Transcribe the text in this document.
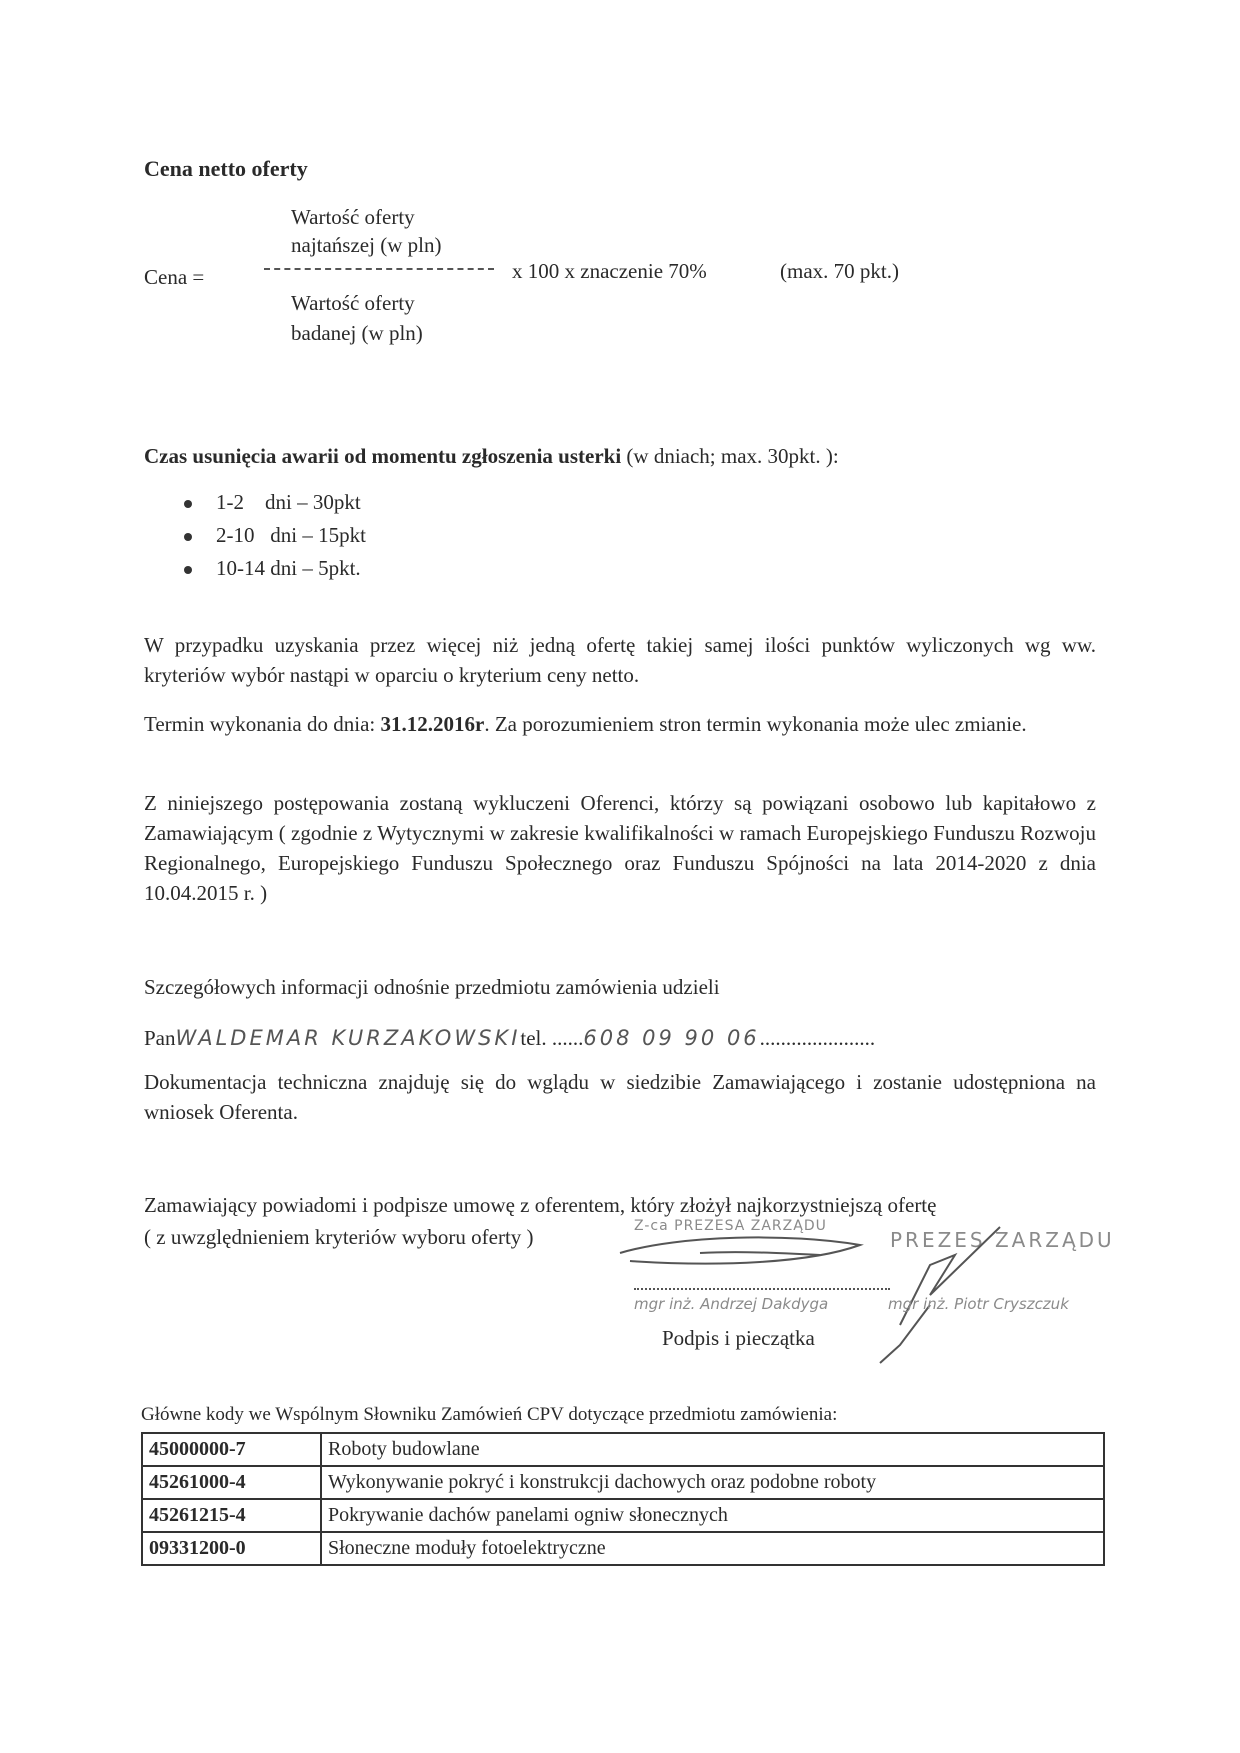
Cena netto oferty
Wartość oferty
najtańszej (w pln)
Cena =	x 100 x znaczenie 70%	(max. 70 pkt.)
Wartość oferty
badanej (w pln)
Czas usunięcia awarii od momentu zgłoszenia usterki (w dniach; max. 30pkt. ):
1-2    dni – 30pkt
2-10   dni – 15pkt
10-14 dni – 5pkt.
W przypadku uzyskania przez więcej niż jedną ofertę takiej samej ilości punktów wyliczonych wg ww. kryteriów wybór nastąpi w oparciu o kryterium ceny netto.
Termin wykonania do dnia: 31.12.2016r. Za porozumieniem stron termin wykonania może ulec zmianie.
Z niniejszego postępowania zostaną wykluczeni Oferenci, którzy są powiązani osobowo lub kapitałowo z Zamawiającym ( zgodnie z Wytycznymi w zakresie kwalifikalności w ramach Europejskiego Funduszu Rozwoju Regionalnego, Europejskiego Funduszu Społecznego oraz Funduszu Spójności na lata 2014-2020 z dnia 10.04.2015 r. )
Szczegółowych informacji odnośnie przedmiotu zamówienia udzieli
PanWALDEMAR KURZAKOWSKItel. ......608 09 90 06......................
Dokumentacja techniczna znajduję się do wglądu w siedzibie Zamawiającego i zostanie udostępniona na wniosek Oferenta.
Zamawiający powiadomi i podpisze umowę z oferentem, który złożył najkorzystniejszą ofertę
( z uwzględnieniem kryteriów wyboru oferty )	Z-ca PREZESA ZARZĄDU
PREZES ZARZĄDU
mgr inż. Andrzej Dakdyga	mgr inż. Piotr Cryszczuk
Podpis i pieczątka
Główne kody we Wspólnym Słowniku Zamówień CPV dotyczące przedmiotu zamówienia:
45000000-7	Roboty budowlane
45261000-4	Wykonywanie pokryć i konstrukcji dachowych oraz podobne roboty
45261215-4	Pokrywanie dachów panelami ogniw słonecznych
09331200-0	Słoneczne moduły fotoelektryczne
